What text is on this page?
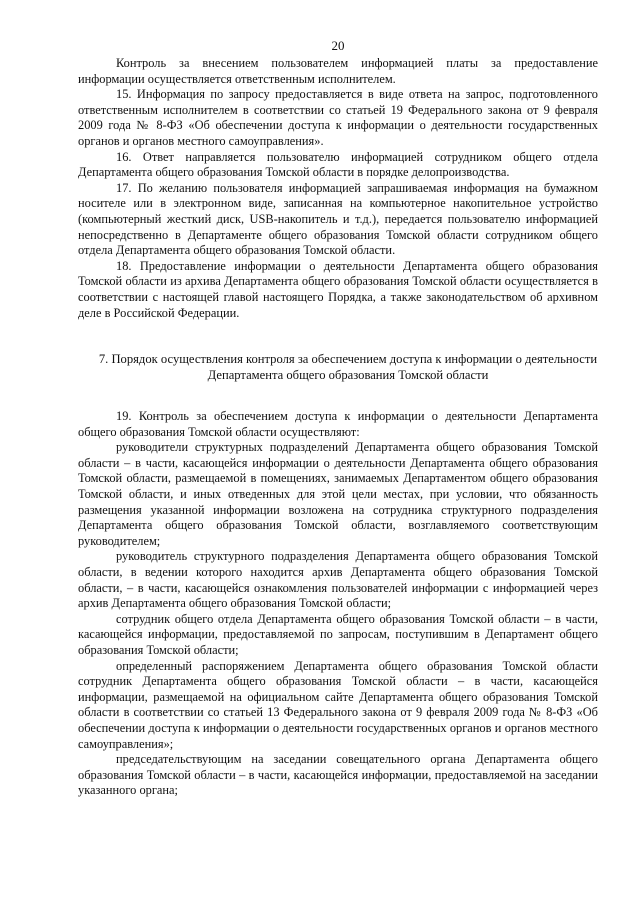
20

Контроль за внесением пользователем информацией платы за предоставление информации осуществляется ответственным исполнителем.

15. Информация по запросу предоставляется в виде ответа на запрос, подготовленного ответственным исполнителем в соответствии со статьей 19 Федерального закона от 9 февраля 2009 года № 8-ФЗ «Об обеспечении доступа к информации о деятельности государственных органов и органов местного самоуправления».

16. Ответ направляется пользователю информацией сотрудником общего отдела Департамента общего образования Томской области в порядке делопроизводства.

17. По желанию пользователя информацией запрашиваемая информация на бумажном носителе или в электронном виде, записанная на компьютерное накопительное устройство (компьютерный жесткий диск, USB-накопитель и т.д.), передается пользователю информацией непосредственно в Департаменте общего образования Томской области сотрудником общего отдела Департамента общего образования Томской области.

18. Предоставление информации о деятельности Департамента общего образования Томской области из архива Департамента общего образования Томской области осуществляется в соответствии с настоящей главой настоящего Порядка, а также законодательством об архивном деле в Российской Федерации.

7. Порядок осуществления контроля за обеспечением доступа к информации о деятельности Департамента общего образования Томской области

19. Контроль за обеспечением доступа к информации о деятельности Департамента общего образования Томской области осуществляют:

руководители структурных подразделений Департамента общего образования Томской области – в части, касающейся информации о деятельности Департамента общего образования Томской области, размещаемой в помещениях, занимаемых Департаментом общего образования Томской области, и иных отведенных для этой цели местах, при условии, что обязанность размещения указанной информации возложена на сотрудника структурного подразделения Департамента общего образования Томской области, возглавляемого соответствующим руководителем;

руководитель структурного подразделения Департамента общего образования Томской области, в ведении которого находится архив Департамента общего образования Томской области, – в части, касающейся ознакомления пользователей информации с информацией через архив Департамента общего образования Томской области;

сотрудник общего отдела Департамента общего образования Томской области – в части, касающейся информации, предоставляемой по запросам, поступившим в Департамент общего образования Томской области;

определенный распоряжением Департамента общего образования Томской области сотрудник Департамента общего образования Томской области – в части, касающейся информации, размещаемой на официальном сайте Департамента общего образования Томской области в соответствии со статьей 13 Федерального закона от 9 февраля 2009 года № 8-ФЗ «Об обеспечении доступа к информации о деятельности государственных органов и органов местного самоуправления»;

председательствующим на заседании совещательного органа Департамента общего образования Томской области – в части, касающейся информации, предоставляемой на заседании указанного органа;
